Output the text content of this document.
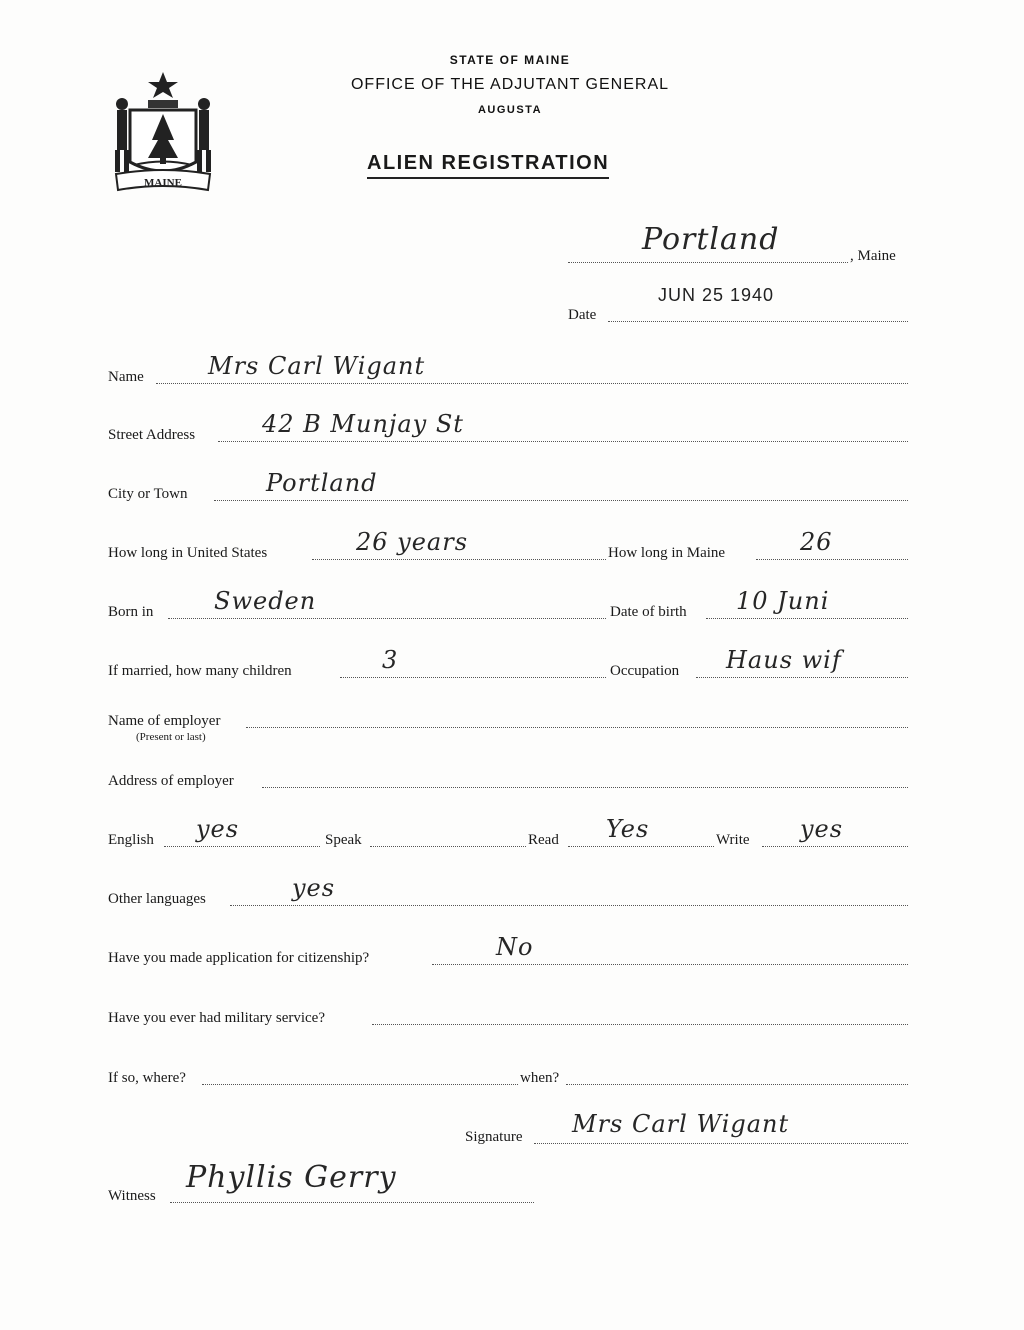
MAINE
STATE OF MAINE
OFFICE OF THE ADJUTANT GENERAL
AUGUSTA
ALIEN REGISTRATION
Portland	, Maine
JUN 25 1940
Date
Name	Mrs Carl Wigant
Street Address	42 B Munjay St
City or Town	Portland
How long in United States	26 years	How long in Maine	26
Born in	Sweden	Date of birth 10 Juni
If married, how many children	3	Occupation Haus wif
Name of employer
(Present or last)
Address of employer
English yes	Speak	Read Yes	Write yes
Other languages	yes
Have you made application for citizenship?	No
Have you ever had military service?
If so, where?	when?
Signature Mrs Carl Wigant
Witness
Phyllis Gerry
